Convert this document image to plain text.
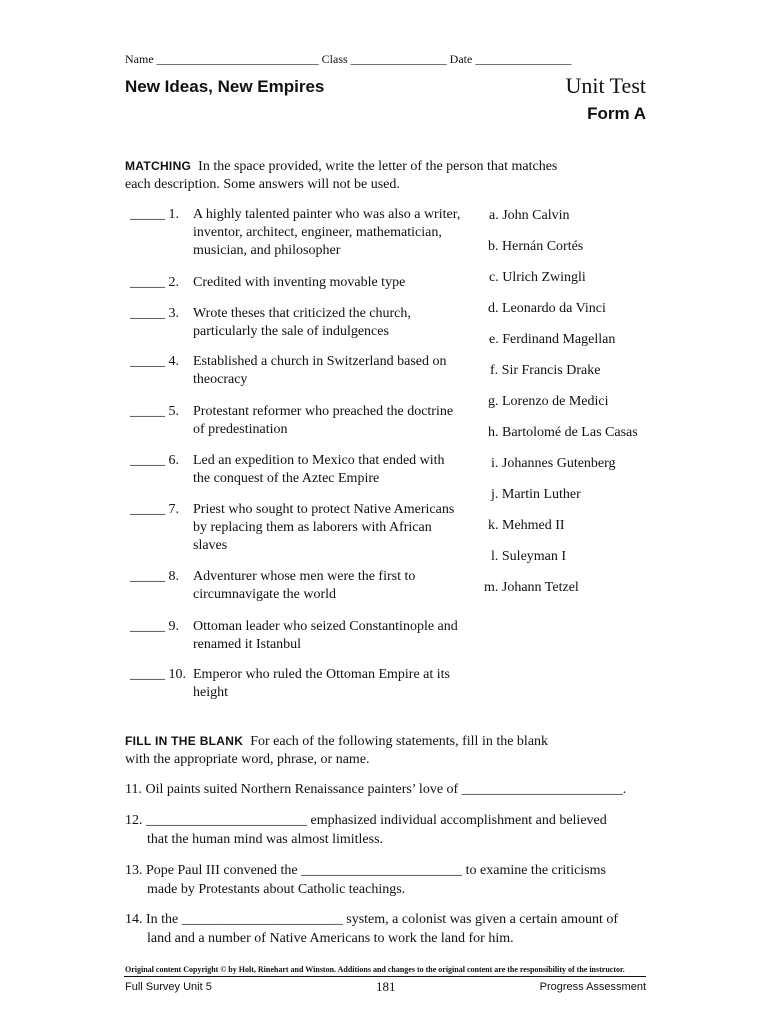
Name ___________________________ Class ________________ Date ________________
New Ideas, New Empires	Unit Test
Form A
MATCHING In the space provided, write the letter of the person that matches each description. Some answers will not be used.
_____ 1. A highly talented painter who was also a writer, inventor, architect, engineer, mathematician, musician, and philosopher
_____ 2. Credited with inventing movable type
_____ 3. Wrote theses that criticized the church, particularly the sale of indulgences
_____ 4. Established a church in Switzerland based on theocracy
_____ 5. Protestant reformer who preached the doctrine of predestination
_____ 6. Led an expedition to Mexico that ended with the conquest of the Aztec Empire
_____ 7. Priest who sought to protect Native Americans by replacing them as laborers with African slaves
_____ 8. Adventurer whose men were the first to circumnavigate the world
_____ 9. Ottoman leader who seized Constantinople and renamed it Istanbul
_____ 10. Emperor who ruled the Ottoman Empire at its height
a. John Calvin
b. Hernán Cortés
c. Ulrich Zwingli
d. Leonardo da Vinci
e. Ferdinand Magellan
f. Sir Francis Drake
g. Lorenzo de Medici
h. Bartolomé de Las Casas
i. Johannes Gutenberg
j. Martin Luther
k. Mehmed II
l. Suleyman I
m. Johann Tetzel
FILL IN THE BLANK For each of the following statements, fill in the blank with the appropriate word, phrase, or name.
11. Oil paints suited Northern Renaissance painters’ love of _______________________.
12. _______________________ emphasized individual accomplishment and believed
that the human mind was almost limitless.
13. Pope Paul III convened the _______________________ to examine the criticisms
made by Protestants about Catholic teachings.
14. In the _______________________ system, a colonist was given a certain amount of
land and a number of Native Americans to work the land for him.
Original content Copyright © by Holt, Rinehart and Winston. Additions and changes to the original content are the responsibility of the instructor.
Full Survey Unit 5	181	Progress Assessment
